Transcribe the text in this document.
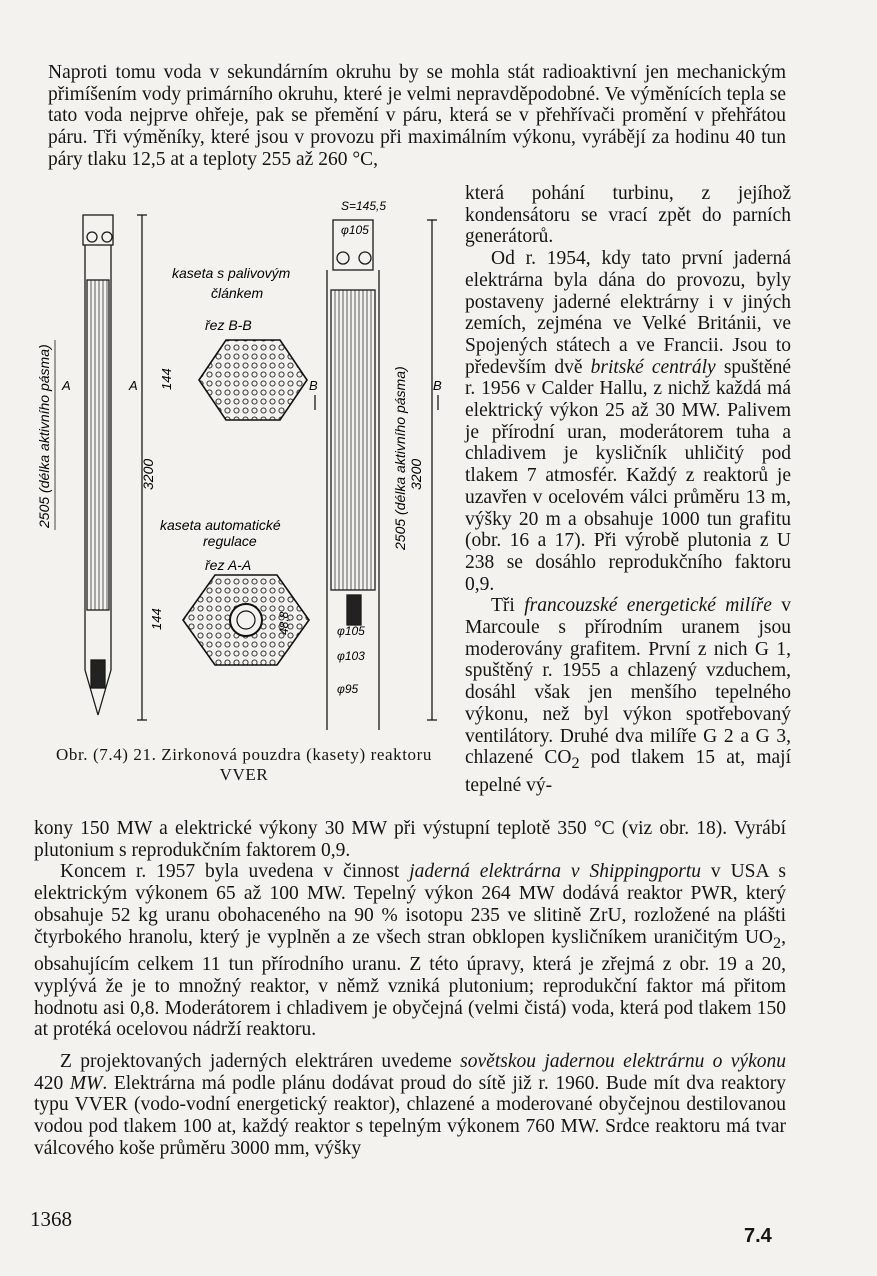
Naproti tomu voda v sekundárním okruhu by se mohla stát radioaktivní jen mechanickým přimíšením vody primárního okruhu, které je velmi nepravděpodobné. Ve výměnících tepla se tato voda nejprve ohřeje, pak se přemění v páru, která se v přehřívači promění v přehřátou páru. Tři výměníky, které jsou v provozu při maximálním výkonu, vyrábějí za hodinu 40 tun páry tlaku 12,5 at a teploty 255 až 260 °C,

která pohání turbinu, z jejíhož kondensátoru se vrací zpět do parních generátorů.

Od r. 1954, kdy tato první jaderná elektrárna byla dána do provozu, byly postaveny jaderné elektrárny i v jiných zemích, zejména ve Velké Británii, ve Spojených státech a ve Francii. Jsou to především dvě britské centrály spuštěné r. 1956 v Calder Hallu, z nichž každá má elektrický výkon 25 až 30 MW. Palivem je přírodní uran, moderátorem tuha a chladivem je kysličník uhličitý pod tlakem 7 atmosfér. Každý z reaktorů je uzavřen v ocelovém válci průměru 13 m, výšky 20 m a obsahuje 1000 tun grafitu (obr. 16 a 17). Při výrobě plutonia z U 238 se dosáhlo reprodukčního faktoru 0,9.

Tři francouzské energetické milíře v Marcoule s přírodním uranem jsou moderovány grafitem. První z nich G 1, spuštěný r. 1955 a chlazený vzduchem, dosáhl však jen menšího tepelného výkonu, než byl výkon spotřebovaný ventilátory. Druhé dva milíře G 2 a G 3, chlazené $CO_2$ pod tlakem 15 at, mají tepelné vý-

kony 150 MW a elektrické výkony 30 MW při výstupní teplotě 350 °C (viz obr. 18). Vyrábí plutonium s reprodukčním faktorem 0,9.

Koncem r. 1957 byla uvedena v činnost jaderná elektrárna v Shippingportu v USA s elektrickým výkonem 65 až 100 MW. Tepelný výkon 264 MW dodává reaktor PWR, který obsahuje 52 kg uranu obohaceného na 90 % isotopu 235 ve slitině ZrU, rozložené na plášti čtyrbokého hranolu, který je vyplněn a ze všech stran obklopen kysličníkem uraničitým $UO_2$, obsahujícím celkem 11 tun přírodního uranu. Z této úpravy, která je zřejmá z obr. 19 a 20, vyplývá že je to množný reaktor, v němž vzniká plutonium; reprodukční faktor má přitom hodnotu asi 0,8. Moderátorem i chladivem je obyčejná (velmi čistá) voda, která pod tlakem 150 at protéká ocelovou nádrží reaktoru.

Z projektovaných jaderných elektráren uvedeme sovětskou jadernou elektrárnu o výkonu 420 MW. Elektrárna má podle plánu dodávat proud do sítě již r. 1960. Bude mít dva reaktory typu VVER (vodo-vodní energetický reaktor), chlazené a moderované obyčejnou destilovanou vodou pod tlakem 100 at, každý reaktor s tepelným výkonem 760 MW. Srdce reaktoru má tvar válcového koše průměru 3000 mm, výšky

2505 (délka aktivního pásma)	3200
A	A
kaseta s palivovým
článkem
řez B-B
144
kaseta automatické
regulace
řez A-A
144	48,8
S=145,5
φ105
2505 (délka aktivního pásma) 3200
B	B
φ105
φ103
φ95
Obr. (7.4) 21. Zirkonová pouzdra (kasety) reaktoru VVER
1368
7.4
